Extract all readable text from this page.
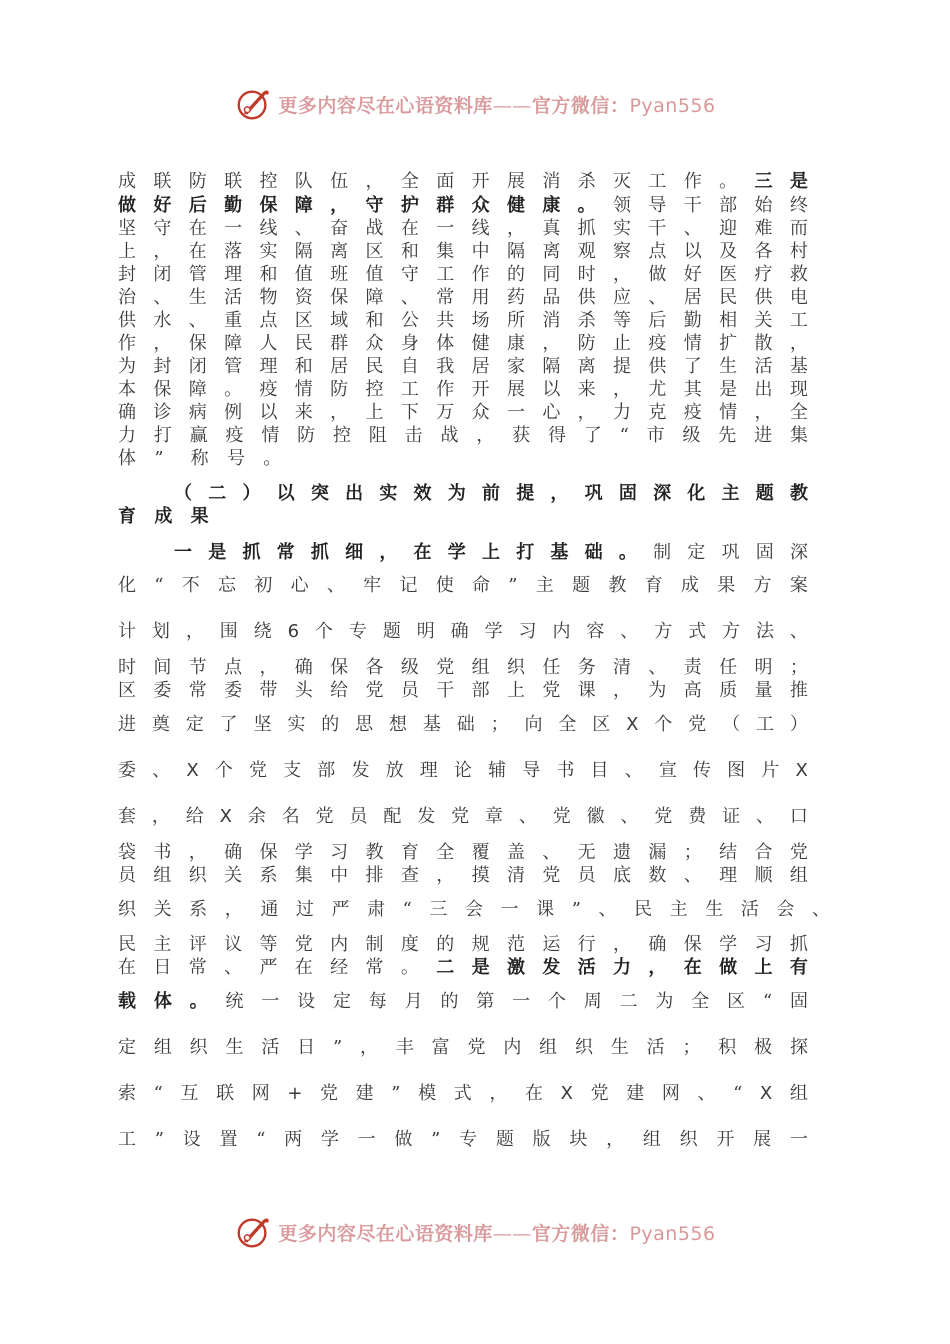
更多内容尽在心语资料库——官方微信：Pyan556
成 联 防 联 控 队 伍 ， 全 面 开 展 消 杀 灭 工 作 。 三 是
做 好 后 勤 保 障 ， 守 护 群 众 健 康 。 领 导 干 部 始 终
坚 守 在 一 线 、 奋 战 在 一 线 ， 真 抓 实 干 、 迎 难 而
上 ， 在 落 实 隔 离 区 和 集 中 隔 离 观 察 点 以 及 各 村
封 闭 管 理 和 值 班 值 守 工 作 的 同 时 ， 做 好 医 疗 救
治 、 生 活 物 资 保 障 、 常 用 药 品 供 应 、 居 民 供 电
供 水 、 重 点 区 域 和 公 共 场 所 消 杀 等 后 勤 相 关 工
作 ， 保 障 人 民 群 众 身 体 健 康 ， 防 止 疫 情 扩 散 ，
为 封 闭 管 理 和 居 民 自 我 居 家 隔 离 提 供 了 生 活 基
本 保 障 。 疫 情 防 控 工 作 开 展 以 来 ， 尤 其 是 出 现
确 诊 病 例 以 来 ， 上 下 万 众 一 心 ， 力 克 疫 情 ， 全
力 打 赢 疫 情 防 控 阻 击 战 ， 获 得 了 “ 市 级 先 进 集
体	”	称	号	。
（ 二 ） 以 突 出 实 效 为 前 提 ， 巩 固 深 化 主 题 教
育	成	果
一 是 抓 常 抓 细 ， 在 学 上 打 基 础 。 制 定 巩 固 深
化 “ 不 忘 初 心 、 牢 记 使 命 ” 主 题 教 育 成 果 方 案
计 划 ， 围 绕 6 个 专 题 明 确 学 习 内 容 、 方 式 方 法 、
时 间 节 点 ， 确 保 各 级 党 组 织 任 务 清 、 责 任 明 ；
区 委 常 委 带 头 给 党 员 干 部 上 党 课 ， 为 高 质 量 推
进 奠 定 了 坚 实 的 思 想 基 础 ； 向 全 区 X 个 党 （ 工 ）
委 、 X 个 党 支 部 发 放 理 论 辅 导 书 目 、 宣 传 图 片 X
套 ， 给 X 余 名 党 员 配 发 党 章 、 党 徽 、 党 费 证 、 口
袋 书 ， 确 保 学 习 教 育 全 覆 盖 、 无 遗 漏 ； 结 合 党
员 组 织 关 系 集 中 排 查 ， 摸 清 党 员 底 数 、 理 顺 组
织 关 系 ， 通 过 严 肃 “ 三 会 一 课 ” 、 民 主 生 活 会 、
民 主 评 议 等 党 内 制 度 的 规 范 运 行 ， 确 保 学 习 抓
在 日 常 、 严 在 经 常 。 二 是 激 发 活 力 ， 在 做 上 有
载 体 。 统 一 设 定 每 月 的 第 一 个 周 二 为 全 区 “ 固
定 组 织 生 活 日 ” ， 丰 富 党 内 组 织 生 活 ； 积 极 探
索 “ 互 联 网 + 党 建 ” 模 式 ， 在 X 党 建 网 、 “ X 组
工 ” 设 置 “ 两 学 一 做 ” 专 题 版 块 ， 组 织 开 展 一
更多内容尽在心语资料库——官方微信：Pyan556
